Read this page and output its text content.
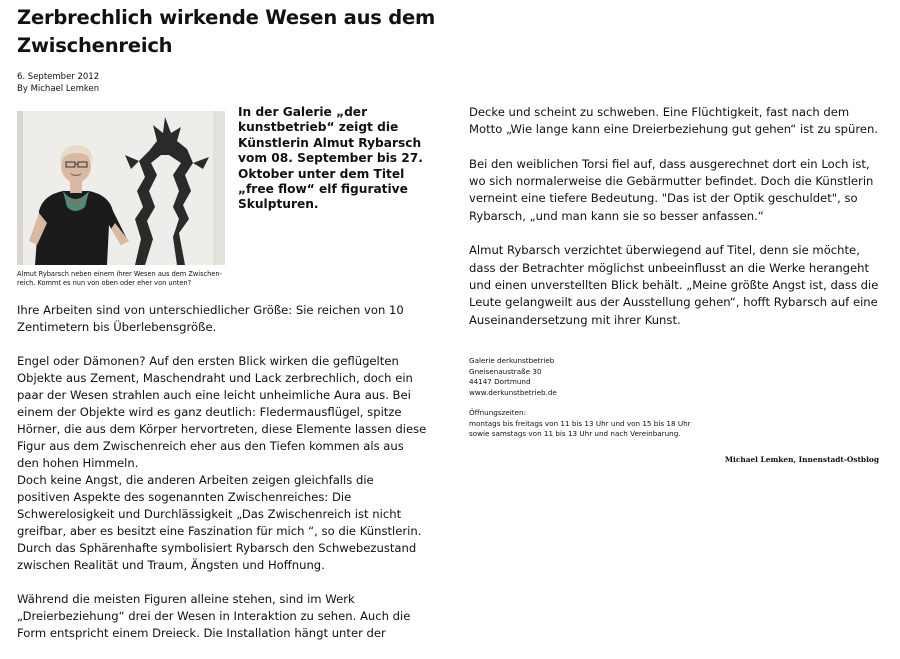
Zerbrechlich wirkende Wesen aus dem Zwischenreich
6. September 2012
By Michael Lemken
Almut Rybarsch neben einem ihrer Wesen aus dem Zwischen-reich. Kommt es nun von oben oder eher von unten?

In der Galerie „der kunstbetrieb“ zeigt die Künstlerin Almut Rybarsch vom 08. September bis 27. Oktober unter dem Titel „free flow“ elf figurative Skulpturen.

Ihre Arbeiten sind von unterschiedlicher Größe: Sie reichen von 10 Zentimetern bis Überlebensgröße.

Engel oder Dämonen? Auf den ersten Blick wirken die geflügelten Objekte aus Zement, Maschendraht und Lack zerbrechlich, doch ein paar der Wesen strahlen auch eine leicht unheimliche Aura aus. Bei einem der Objekte wird es ganz deutlich: Fledermausflügel, spitze Hörner, die aus dem Körper hervortreten, diese Elemente lassen diese Figur aus dem Zwischenreich eher aus den Tiefen kommen als aus den hohen Himmeln.

Doch keine Angst, die anderen Arbeiten zeigen gleichfalls die positiven Aspekte des sogenannten Zwischenreiches: Die Schwerelosigkeit und Durchlässigkeit „Das Zwischenreich ist nicht greifbar, aber es besitzt eine Faszination für mich “, so die Künstlerin. Durch das Sphärenhafte symbolisiert Rybarsch den Schwebezustand zwischen Realität und Traum, Ängsten und Hoffnung.

Während die meisten Figuren alleine stehen, sind im Werk „Dreierbeziehung“ drei der Wesen in Interaktion zu sehen. Auch die Form entspricht einem Dreieck. Die Installation hängt unter der

Decke und scheint zu schweben. Eine Flüchtigkeit, fast nach dem Motto „Wie lange kann eine Dreierbeziehung gut gehen“ ist zu spüren.

Bei den weiblichen Torsi fiel auf, dass ausgerechnet dort ein Loch ist, wo sich normalerweise die Gebärmutter befindet. Doch die Künstlerin verneint eine tiefere Bedeutung. "Das ist der Optik geschuldet", so Rybarsch, „und man kann sie so besser anfassen.“

Almut Rybarsch verzichtet überwiegend auf Titel, denn sie möchte, dass der Betrachter möglichst unbeeinflusst an die Werke herangeht und einen unverstellten Blick behält. „Meine größte Angst ist, dass die Leute gelangweilt aus der Ausstellung gehen“, hofft Rybarsch auf eine Auseinandersetzung mit ihrer Kunst.

Galerie derkunstbetrieb
Gneisenaustraße 30
44147 Dortmund
www.derkunstbetrieb.de
Öffnungszeiten:
montags bis freitags von 11 bis 13 Uhr und von 15 bis 18 Uhr
sowie samstags von 11 bis 13 Uhr und nach Vereinbarung.
Michael Lemken, Innenstadt-Ostblog
